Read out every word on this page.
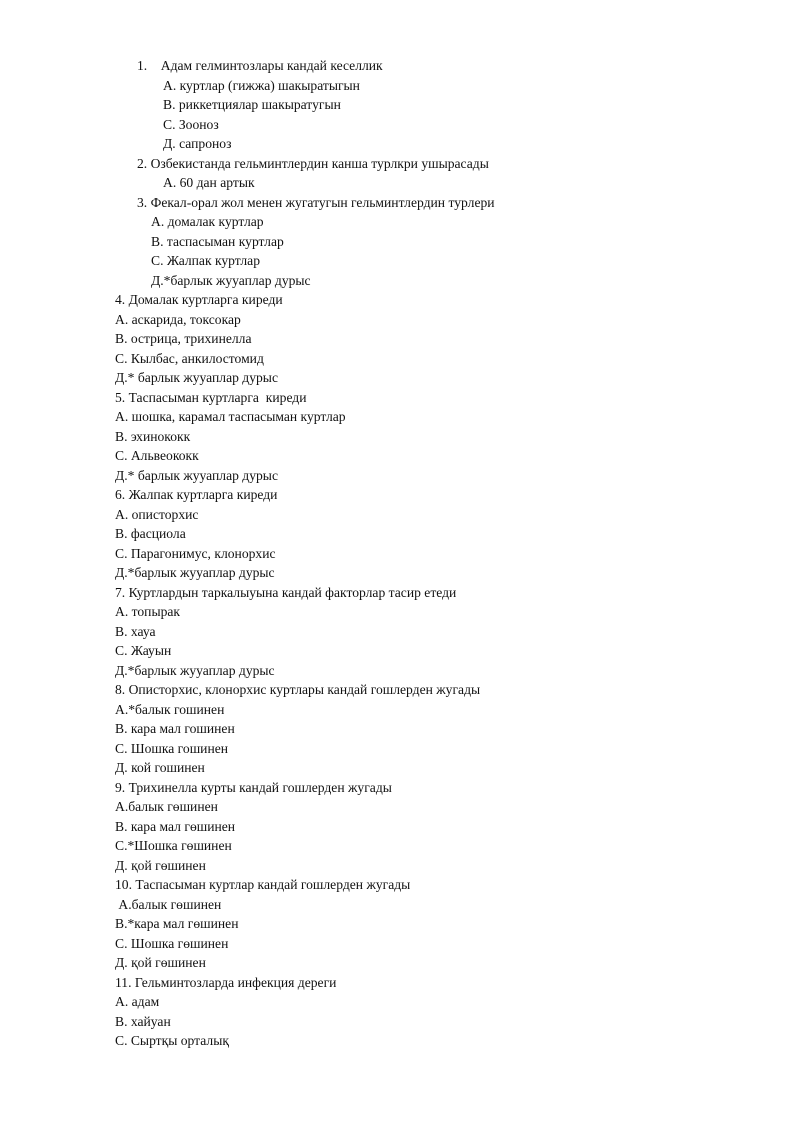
1.    Адам гелминтозлары кандай кеселлик
А. куртлар (гижжа) шакыратыгын
В. риккетциялар шакыратугын
С. Зооноз
Д. сапроноз
2. Озбекистанда гельминтлердин канша турлкри ушырасады
А. 60 дан артык
3. Фекал-орал жол менен жугатугын гельминтлердин турлери
А. домалак куртлар
В. таспасыман куртлар
С. Жалпак куртлар
Д.*барлык жууаплар дурыс
4. Домалак куртларга киреди
А. аскарида, токсокар
В. острица, трихинелла
С. Кылбас, анкилостомид
Д.* барлык жууаплар дурыс
5. Таспасыман куртларга  киреди
А. шошка, карамал таспасыман куртлар
В. эхинококк
С. Альвеококк
Д.* барлык жууаплар дурыс
6. Жалпак куртларга киреди
А. описторхис
В. фасциола
С. Парагонимус, клонорхис
Д.*барлык жууаплар дурыс
7. Куртлардын таркалыуына кандай факторлар тасир етеди
А. топырак
В. хауа
С. Жауын
Д.*барлык жууаплар дурыс
8. Описторхис, клонорхис куртлары кандай гошлерден жугады
А.*балык гошинен
В. кара мал гошинен
С. Шошка гошинен
Д. кой гошинен
9. Трихинелла курты кандай гошлерден жугады
А.балык гөшинен
В. кара мал гөшинен
С.*Шошка гөшинен
Д. қой гөшинен
10. Таспасыман куртлар кандай гошлерден жугады
А.балык гөшинен
В.*кара мал гөшинен
С. Шошка гөшинен
Д. қой гөшинен
11. Гельминтозларда инфекция дереги
А. адам
В. хайуан
С. Сыртқы орталық
